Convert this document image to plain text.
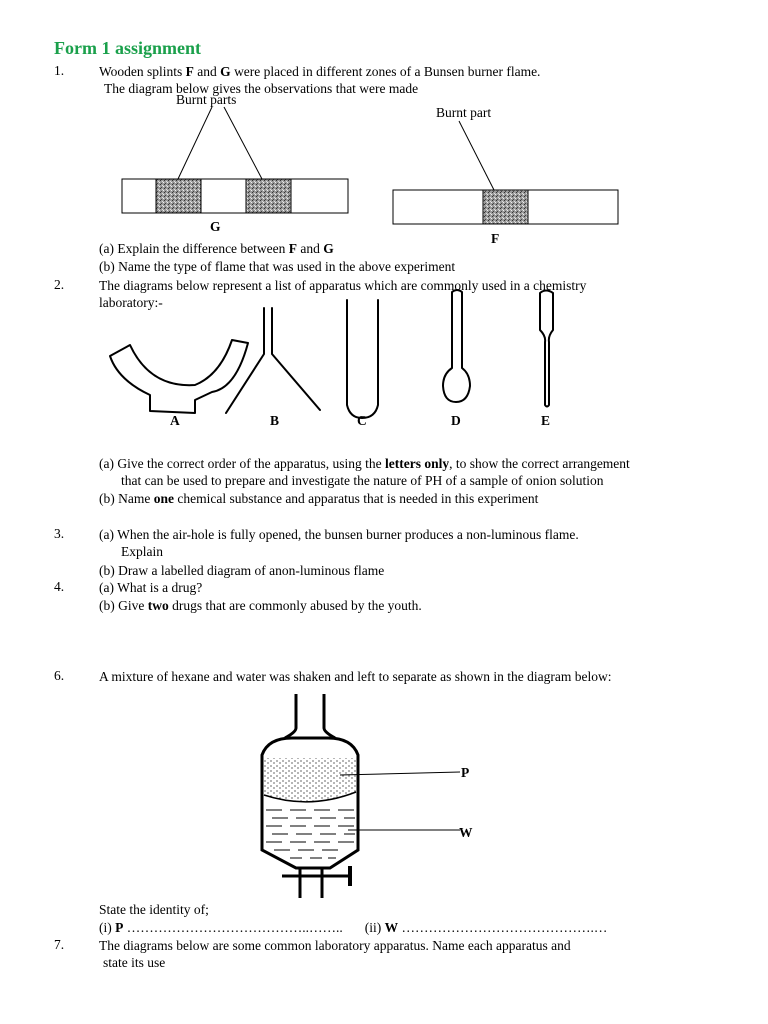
Form 1 assignment
1.	Wooden splints F and G were placed in different zones of a Bunsen burner flame.
The diagram below gives the observations that were made
Burnt parts
Burnt part
G
F
(a) Explain the difference between F and G
(b) Name the type of flame that was used in the above experiment
2.	The diagrams below represent a list of apparatus which are commonly used in a chemistry
laboratory:-
A	B	C	D	E
(a) Give the correct order of the apparatus, using the letters only, to show the correct arrangement
that can be used to prepare and investigate the nature of PH of a sample of onion solution
(b) Name one chemical substance and apparatus that is needed in this experiment
3.	(a) When the air-hole is fully opened, the bunsen burner produces a non-luminous flame.
Explain
(b) Draw a labelled diagram of anon-luminous flame
4.	(a) What is a drug?
(b) Give two drugs that are commonly abused by the youth.
6.	A mixture of hexane and water was shaken and left to separate as shown in the diagram below:
P
W
State the identity of;
(i) P …………………………………..…….. (ii) W …………………………………….…
7.	The diagrams below are some common laboratory apparatus. Name each apparatus and
state its use
